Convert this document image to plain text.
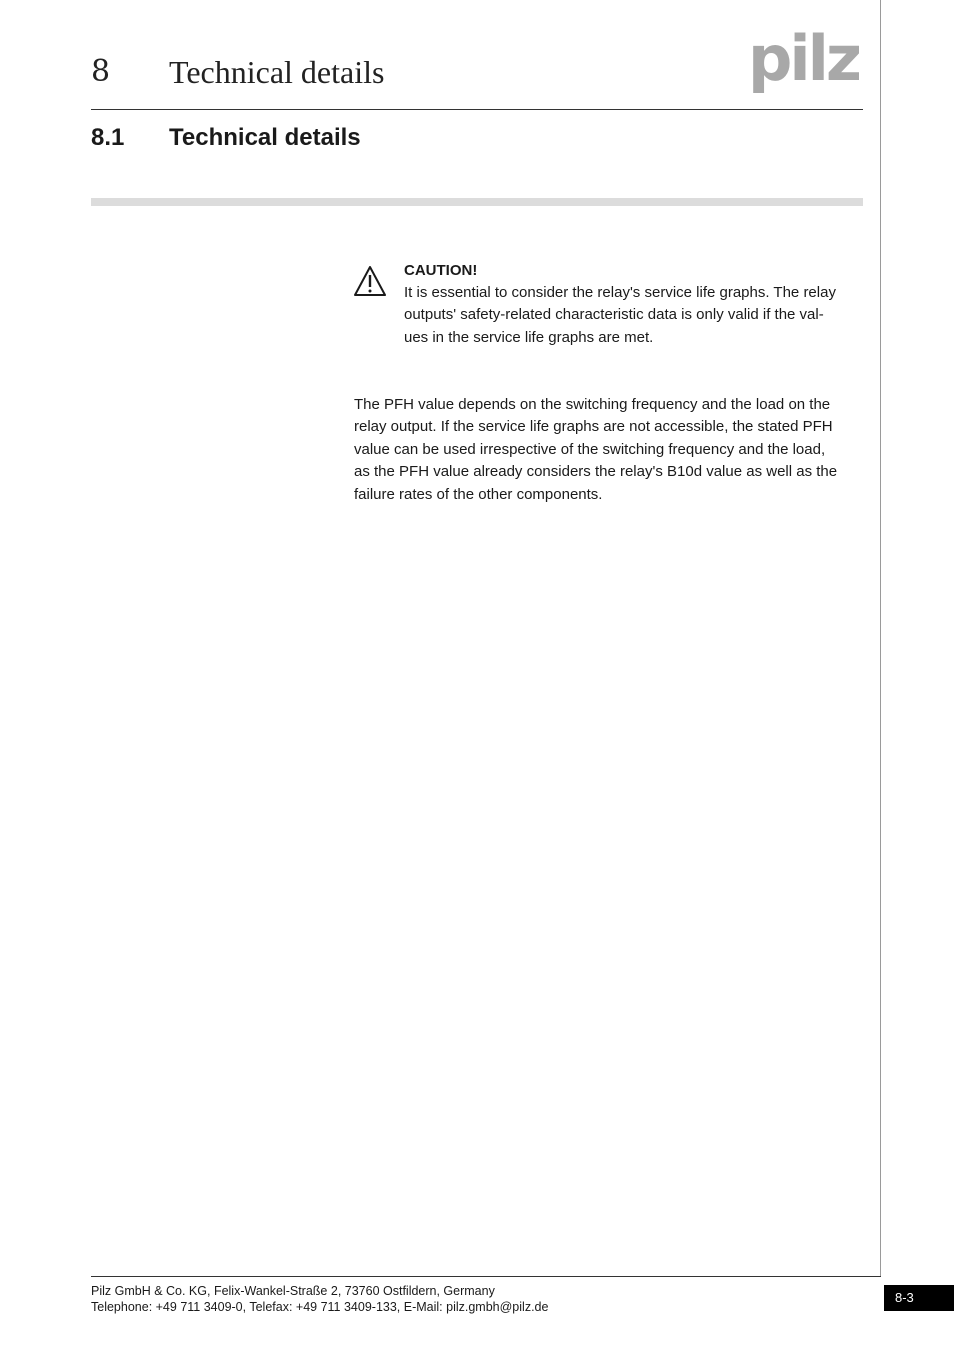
8 Technical details	pilz
8.1 Technical details
CAUTION!
It is essential to consider the relay's service life graphs. The relay
outputs' safety-related characteristic data is only valid if the val-
ues in the service life graphs are met.
The PFH value depends on the switching frequency and the load on the
relay output. If the service life graphs are not accessible, the stated PFH
value can be used irrespective of the switching frequency and the load,
as the PFH value already considers the relay's B10d value as well as the
failure rates of the other components.
Pilz GmbH & Co. KG, Felix-Wankel-Straße 2, 73760 Ostfildern, Germany
Telephone: +49 711 3409-0, Telefax: +49 711 3409-133, E-Mail: pilz.gmbh@pilz.de
8-3
